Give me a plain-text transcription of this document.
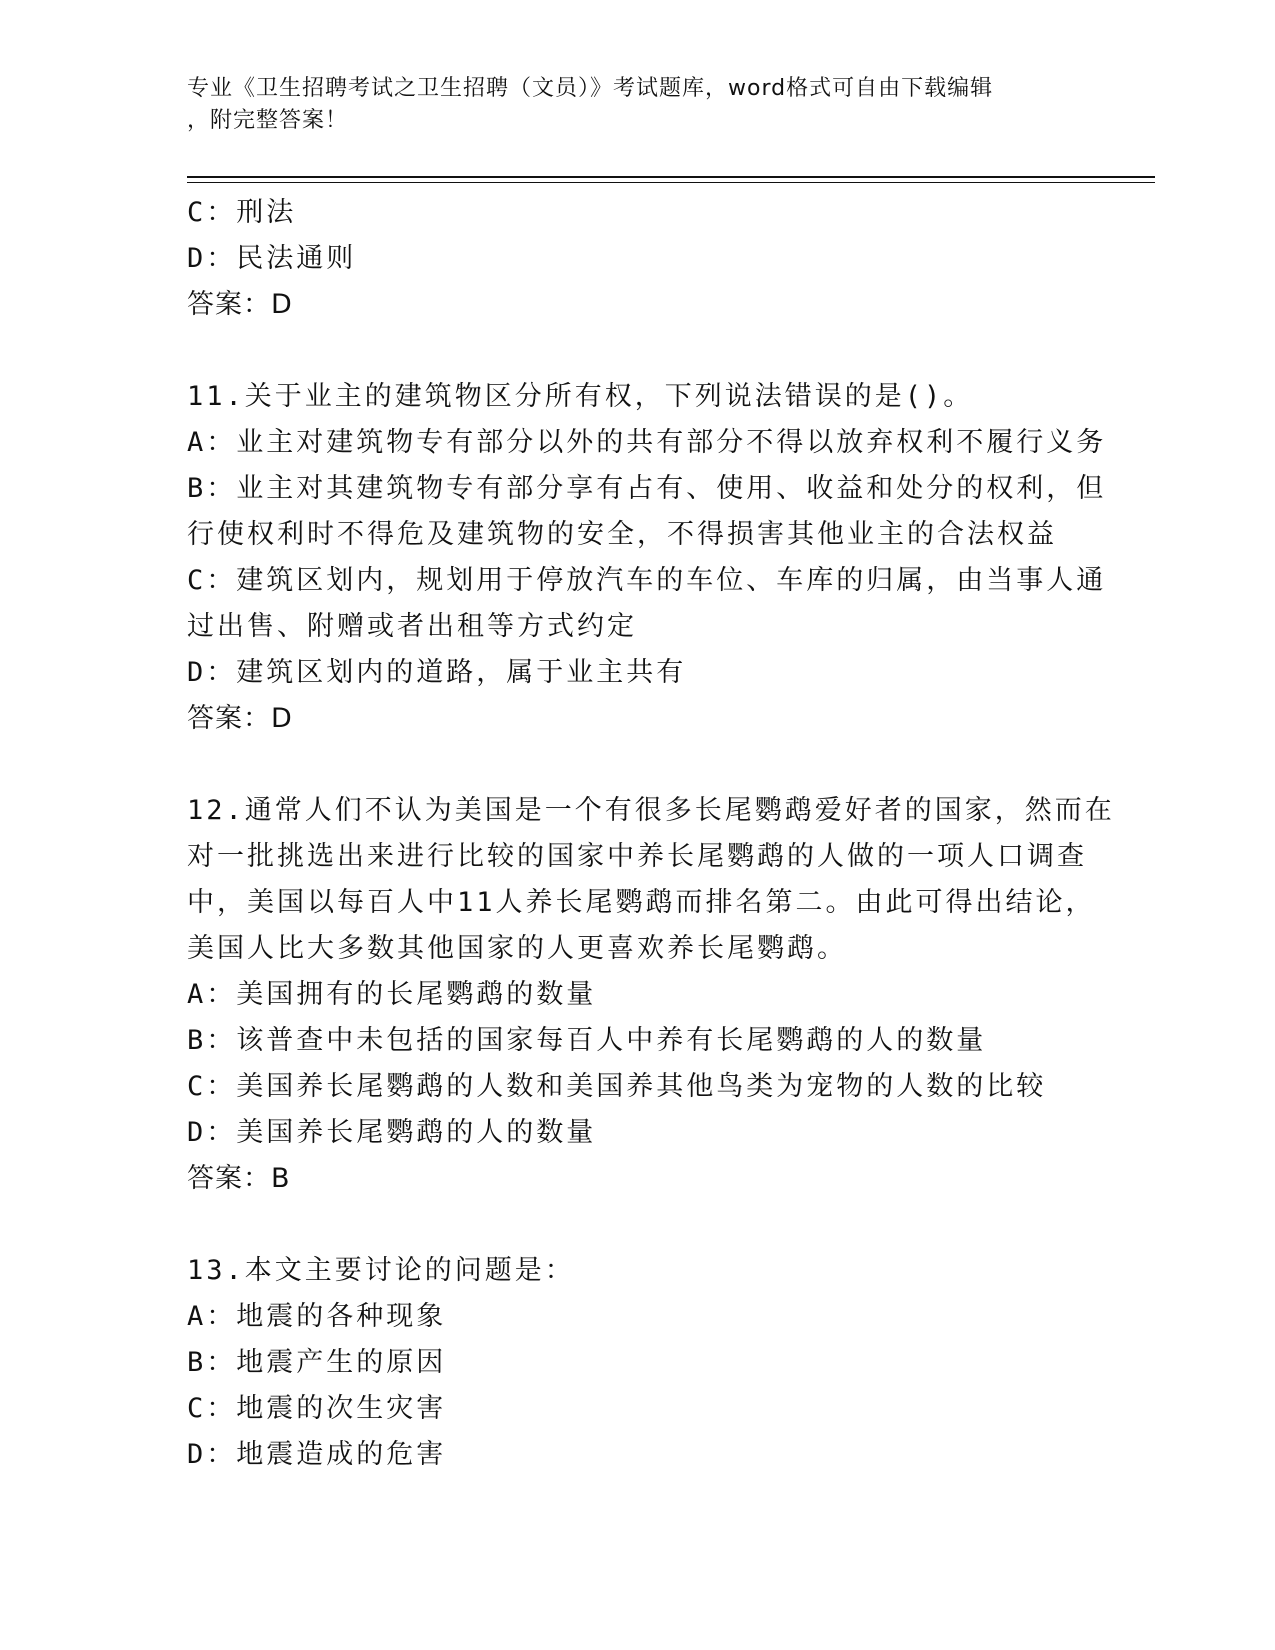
专业《卫生招聘考试之卫生招聘（文员）》考试题库，word格式可自由下载编辑
，附完整答案！
C：刑法
D：民法通则
答案：D
11.关于业主的建筑物区分所有权，下列说法错误的是()。
A：业主对建筑物专有部分以外的共有部分不得以放弃权利不履行义务
B：业主对其建筑物专有部分享有占有、使用、收益和处分的权利，但
行使权利时不得危及建筑物的安全，不得损害其他业主的合法权益
C：建筑区划内，规划用于停放汽车的车位、车库的归属，由当事人通
过出售、附赠或者出租等方式约定
D：建筑区划内的道路，属于业主共有
答案：D
12.通常人们不认为美国是一个有很多长尾鹦鹉爱好者的国家，然而在
对一批挑选出来进行比较的国家中养长尾鹦鹉的人做的一项人口调查
中，美国以每百人中11人养长尾鹦鹉而排名第二。由此可得出结论，
美国人比大多数其他国家的人更喜欢养长尾鹦鹉。
A：美国拥有的长尾鹦鹉的数量
B：该普查中未包括的国家每百人中养有长尾鹦鹉的人的数量
C：美国养长尾鹦鹉的人数和美国养其他鸟类为宠物的人数的比较
D：美国养长尾鹦鹉的人的数量
答案：B
13.本文主要讨论的问题是：
A：地震的各种现象
B：地震产生的原因
C：地震的次生灾害
D：地震造成的危害
